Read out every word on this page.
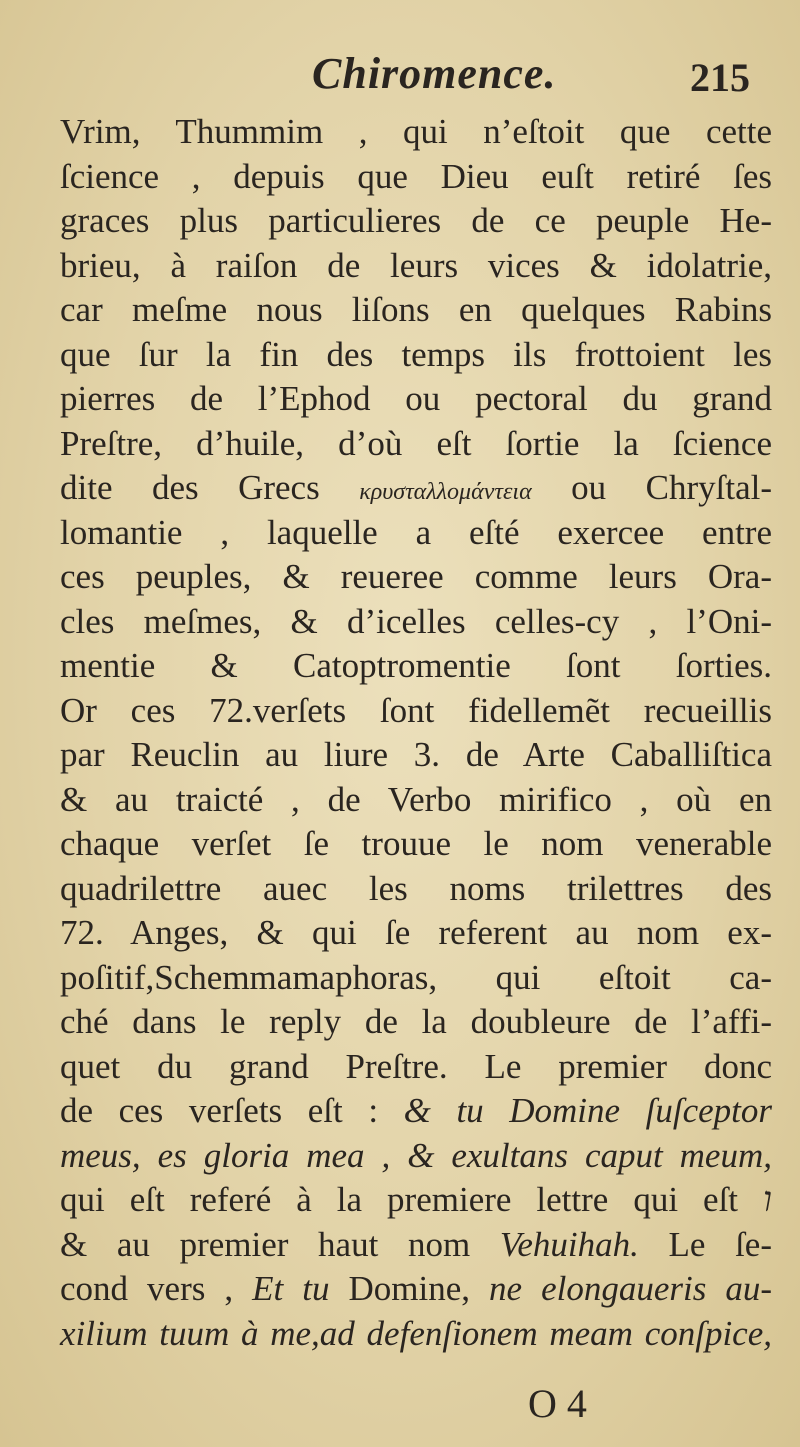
Chiromence.	215
Vrim, Thummim , qui n’eſtoit que cette
ſcience , depuis que Dieu euſt retiré ſes
graces plus particulieres de ce peuple He-
brieu, à raiſon de leurs vices & idolatrie,
car meſme nous liſons en quelques Rabins
que ſur la fin des temps ils frottoient les
pierres de l’Ephod ou pectoral du grand
Preſtre, d’huile, d’où eſt ſortie la ſcience
dite des Grecs κρυσταλλομάντεια ou Chryſtal-
lomantie , laquelle a eſté exercee entre
ces peuples, & reueree comme leurs Ora-
cles meſmes, & d’icelles celles-cy , l’Oni-
mentie & Catoptromentie ſont ſorties.
Or ces 72.verſets ſont fidellemẽt recueillis
par Reuclin au liure 3. de Arte Caballiſtica
& au traicté , de Verbo mirifico , où en
chaque verſet ſe trouue le nom venerable
quadrilettre auec les noms trilettres des
72. Anges, & qui ſe referent au nom ex-
poſitif,Schemmamaphoras, qui eſtoit ca-
ché dans le reply de la doubleure de l’affi-
quet du grand Preſtre. Le premier donc
de ces verſets eſt : & tu Domine ſuſceptor
meus, es gloria mea , & exultans caput meum,
qui eſt referé à la premiere lettre qui eſt ו
& au premier haut nom Vehuihah. Le ſe-
cond vers , Et tu Domine, ne elongaueris au-
xilium tuum à me,ad defenſionem meam conſpice,
O 4
